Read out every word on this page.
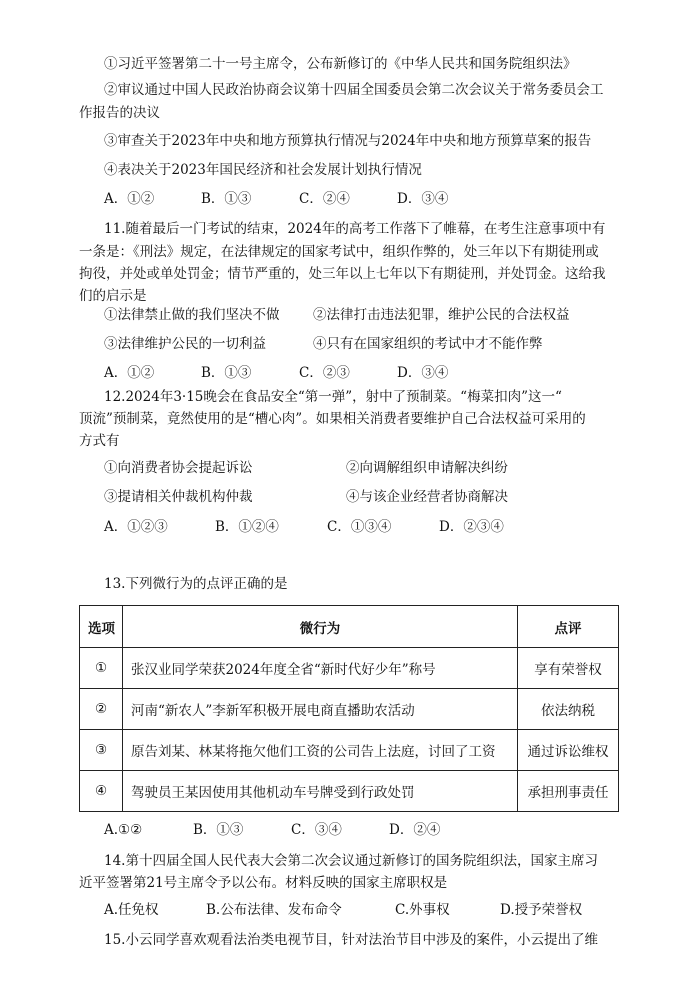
①习近平签署第二十一号主席令，公布新修订的《中华人民共和国务院组织法》
②审议通过中国人民政治协商会议第十四届全国委员会第二次会议关于常务委员会工
作报告的决议
③审查关于2023年中央和地方预算执行情况与2024年中央和地方预算草案的报告
④表决关于2023年国民经济和社会发展计划执行情况
A．①②	B．①③	C．②④	D．③④
11.随着最后一门考试的结束，2024年的高考工作落下了帷幕，在考生注意事项中有
一条是：《刑法》规定，在法律规定的国家考试中，组织作弊的，处三年以下有期徒刑或
拘役，并处或单处罚金；情节严重的，处三年以上七年以下有期徒刑，并处罚金。这给我
们的启示是
①法律禁止做的我们坚决不做 ②法律打击违法犯罪，维护公民的合法权益
③法律维护公民的一切利益	④只有在国家组织的考试中才不能作弊
A．①②	B．①③	C．②③	D．③④
12.2024年3·15晚会在食品安全“第一弹”，射中了预制菜。“梅菜扣肉”这一“
顶流”预制菜，竟然使用的是“槽心肉”。如果相关消费者要维护自己合法权益可采用的
方式有
①向消费者协会提起诉讼	②向调解组织申请解决纠纷
③提请相关仲裁机构仲裁	④与该企业经营者协商解决
A．①②③	B．①②④	C．①③④	D．②③④
13.下列微行为的点评正确的是
选项	微行为	点评
①	张汉业同学荣获2024年度全省“新时代好少年”称号	享有荣誉权
②	河南“新农人”李新军积极开展电商直播助农活动	依法纳税
③	原告刘某、林某将拖欠他们工资的公司告上法庭，讨回了工资	通过诉讼维权
④	驾驶员王某因使用其他机动车号牌受到行政处罚	承担刑事责任
A.①②	B．①③	C．③④	D．②④
14.第十四届全国人民代表大会第二次会议通过新修订的国务院组织法，国家主席习
近平签署第21号主席令予以公布。材料反映的国家主席职权是
A.任免权	B.公布法律、发布命令	C.外事权	D.授予荣誉权
15.小云同学喜欢观看法治类电视节目，针对法治节目中涉及的案件，小云提出了维
